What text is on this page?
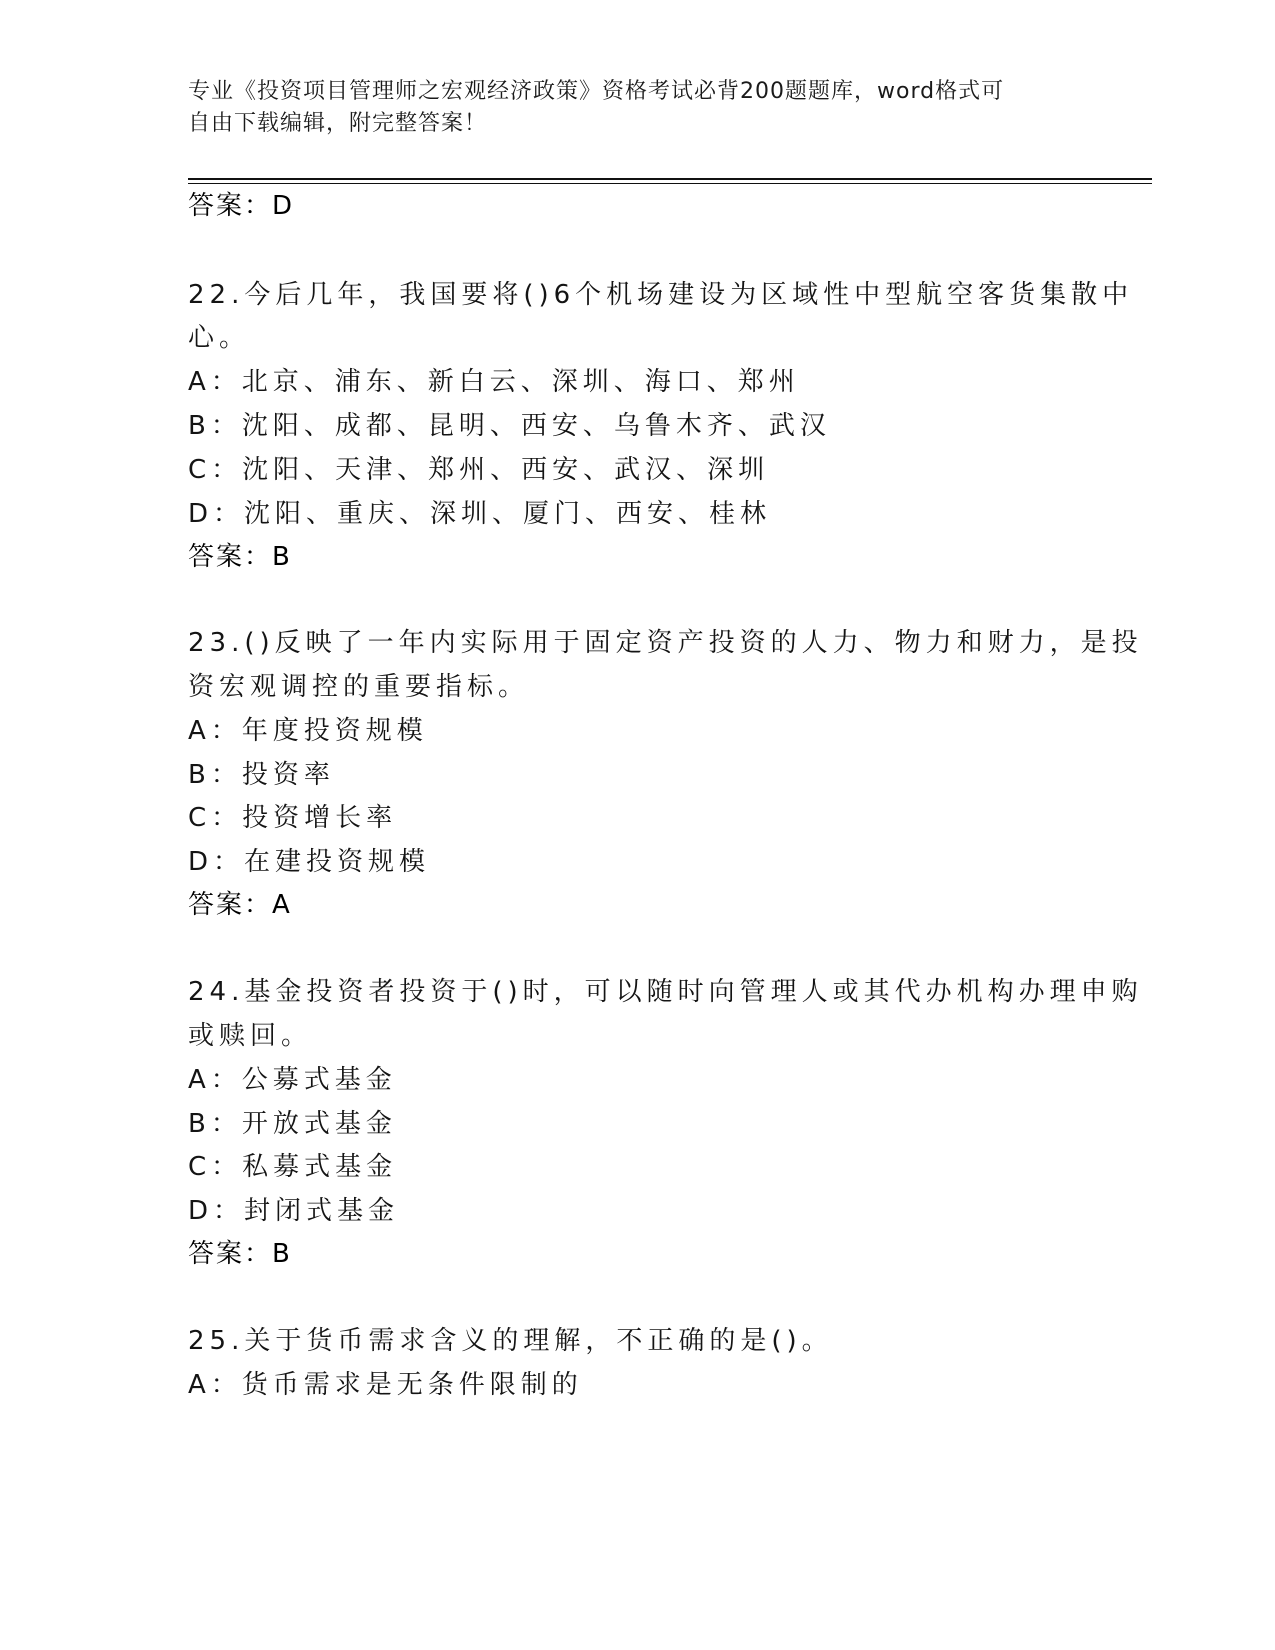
专业《投资项目管理师之宏观经济政策》资格考试必背200题题库，word格式可
自由下载编辑，附完整答案！
答案：D
22.今后几年，我国要将()6个机场建设为区域性中型航空客货集散中
心。
A：北京、浦东、新白云、深圳、海口、郑州
B：沈阳、成都、昆明、西安、乌鲁木齐、武汉
C：沈阳、天津、郑州、西安、武汉、深圳
D：沈阳、重庆、深圳、厦门、西安、桂林
答案：B
23.()反映了一年内实际用于固定资产投资的人力、物力和财力，是投
资宏观调控的重要指标。
A：年度投资规模
B：投资率
C：投资增长率
D：在建投资规模
答案：A
24.基金投资者投资于()时，可以随时向管理人或其代办机构办理申购
或赎回。
A：公募式基金
B：开放式基金
C：私募式基金
D：封闭式基金
答案：B
25.关于货币需求含义的理解，不正确的是()。
A：货币需求是无条件限制的
